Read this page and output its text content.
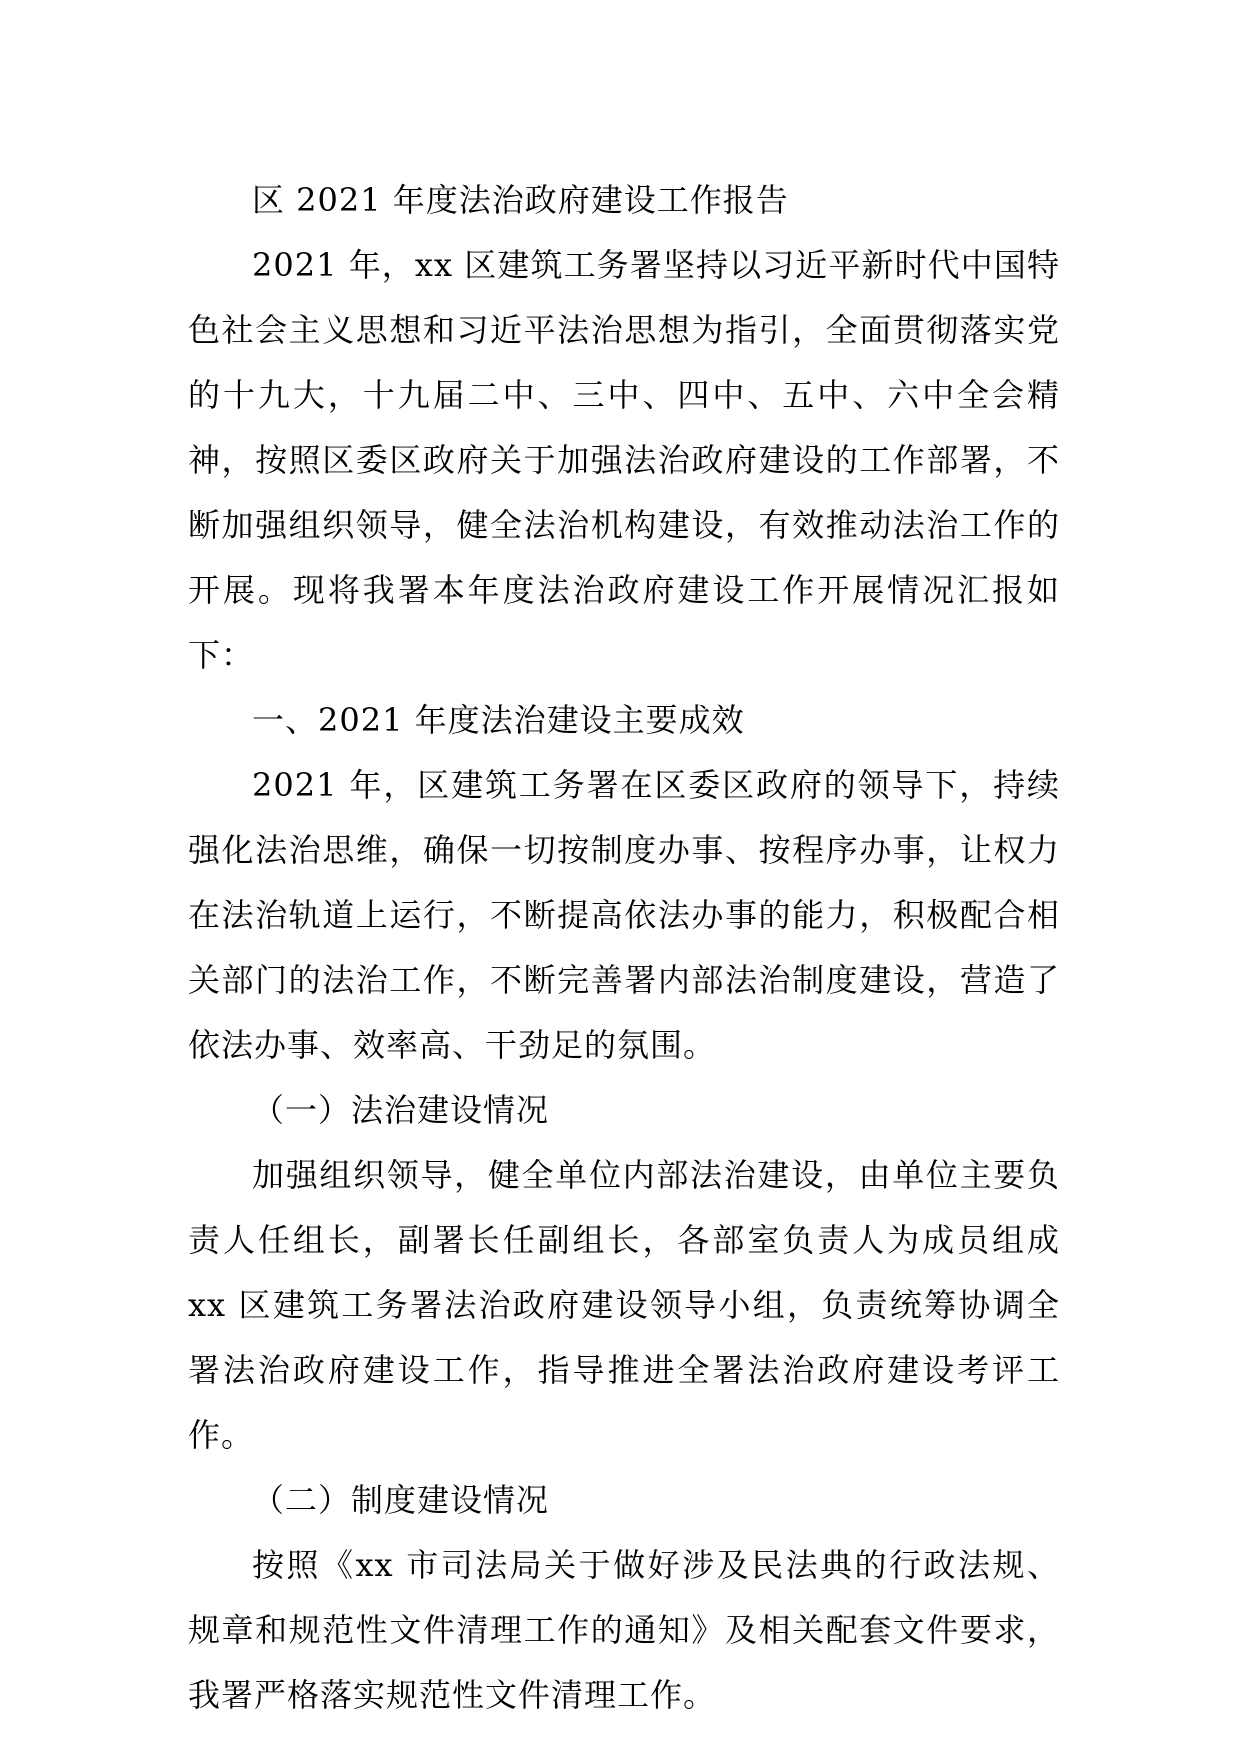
区 2021 年度法治政府建设工作报告

2021 年，xx 区建筑工务署坚持以习近平新时代中国特色社会主义思想和习近平法治思想为指引，全面贯彻落实党的十九大，十九届二中、三中、四中、五中、六中全会精神，按照区委区政府关于加强法治政府建设的工作部署，不断加强组织领导，健全法治机构建设，有效推动法治工作的开展。现将我署本年度法治政府建设工作开展情况汇报如下：

一、2021 年度法治建设主要成效

2021 年，区建筑工务署在区委区政府的领导下，持续强化法治思维，确保一切按制度办事、按程序办事，让权力在法治轨道上运行，不断提高依法办事的能力，积极配合相关部门的法治工作，不断完善署内部法治制度建设，营造了依法办事、效率高、干劲足的氛围。

（一）法治建设情况

加强组织领导，健全单位内部法治建设，由单位主要负责人任组长，副署长任副组长，各部室负责人为成员组成 xx 区建筑工务署法治政府建设领导小组，负责统筹协调全署法治政府建设工作，指导推进全署法治政府建设考评工作。

（二）制度建设情况

按照《xx 市司法局关于做好涉及民法典的行政法规、规章和规范性文件清理工作的通知》及相关配套文件要求，我署严格落实规范性文件清理工作。
